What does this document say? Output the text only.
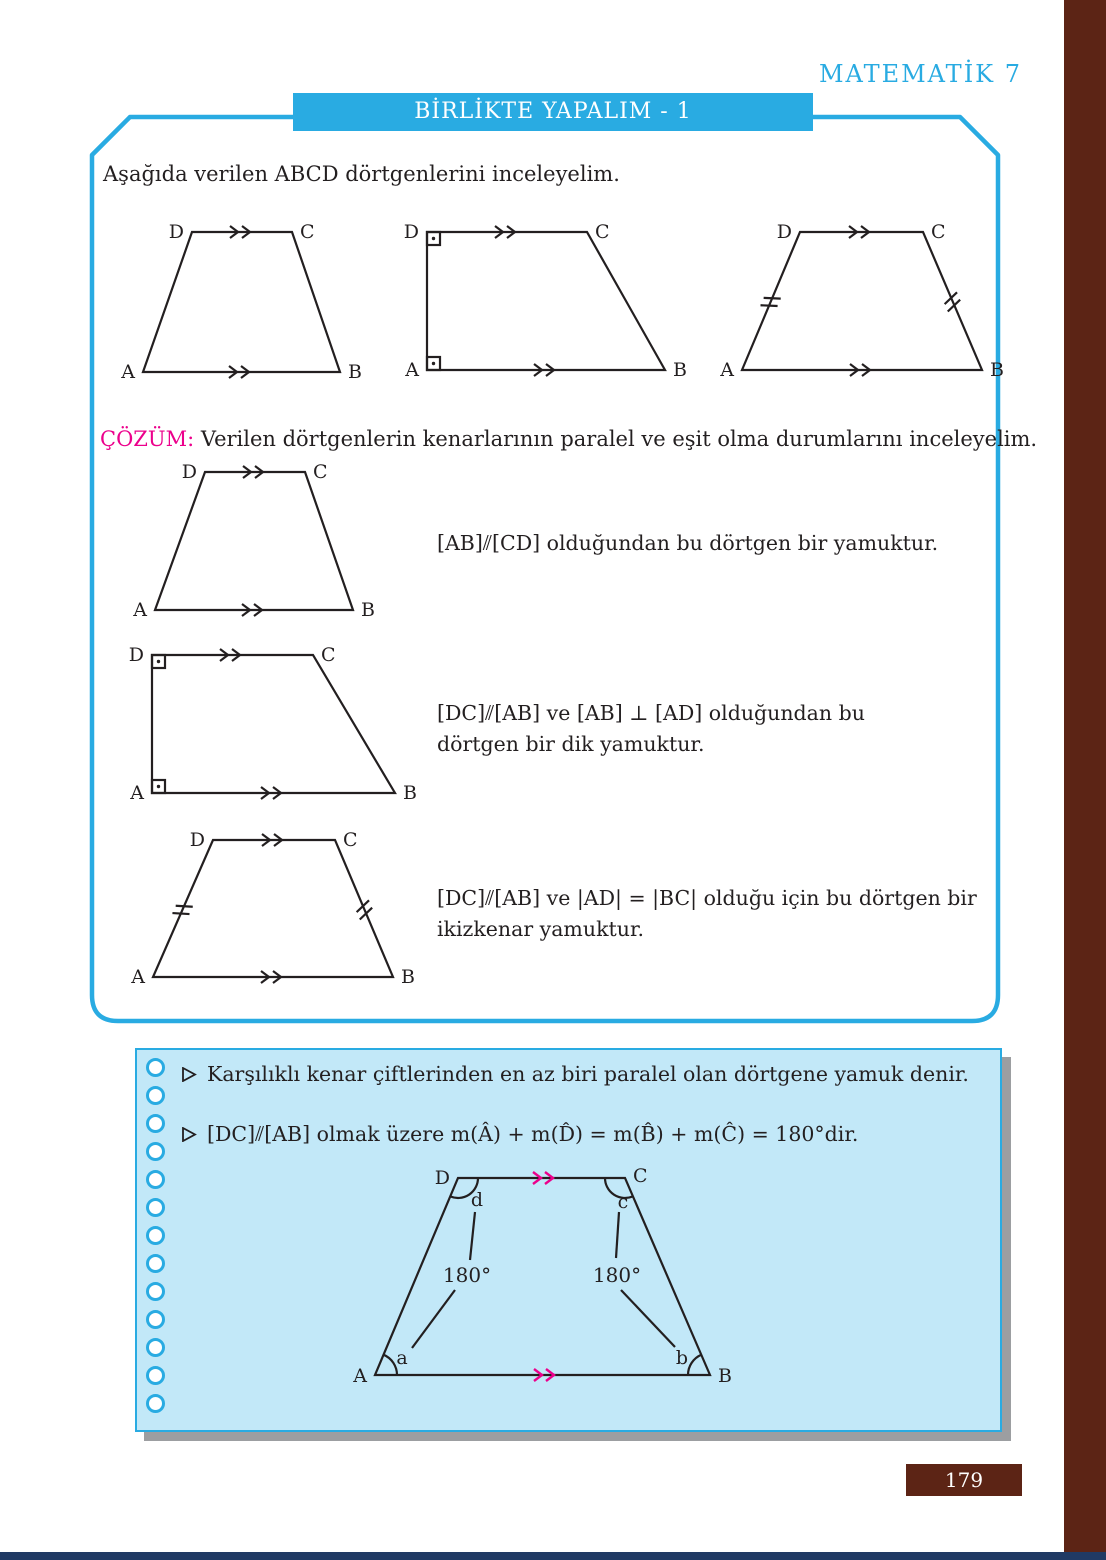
MATEMATİK 7
BİRLİKTE YAPALIM - 1
Aşağıda verilen ABCD dörtgenlerini inceleyelim.
D	C
A	B
D	C
A	B
D	C
A	B
ÇÖZÜM: Verilen dörtgenlerin kenarlarının paralel ve eşit olma durumlarını inceleyelim.
D	C
A	B
[AB]⫽[CD] olduğundan bu dörtgen bir yamuktur.
D	C
A	B
[DC]⫽[AB] ve [AB] ⊥ [AD] olduğundan bu dörtgen bir dik yamuktur.
D	C
A	B
[DC]⫽[AB] ve |AD| = |BC| olduğu için bu dörtgen bir ikizkenar yamuktur.
Karşılıklı kenar çiftlerinden en az biri paralel olan dörtgene yamuk denir.
[DC]⫽[AB] olmak üzere m(Â) + m(D̂) = m(B̂) + m(Ĉ) = 180°dir.
D	C
A	B
a	b
c
d
180°	180°
179
